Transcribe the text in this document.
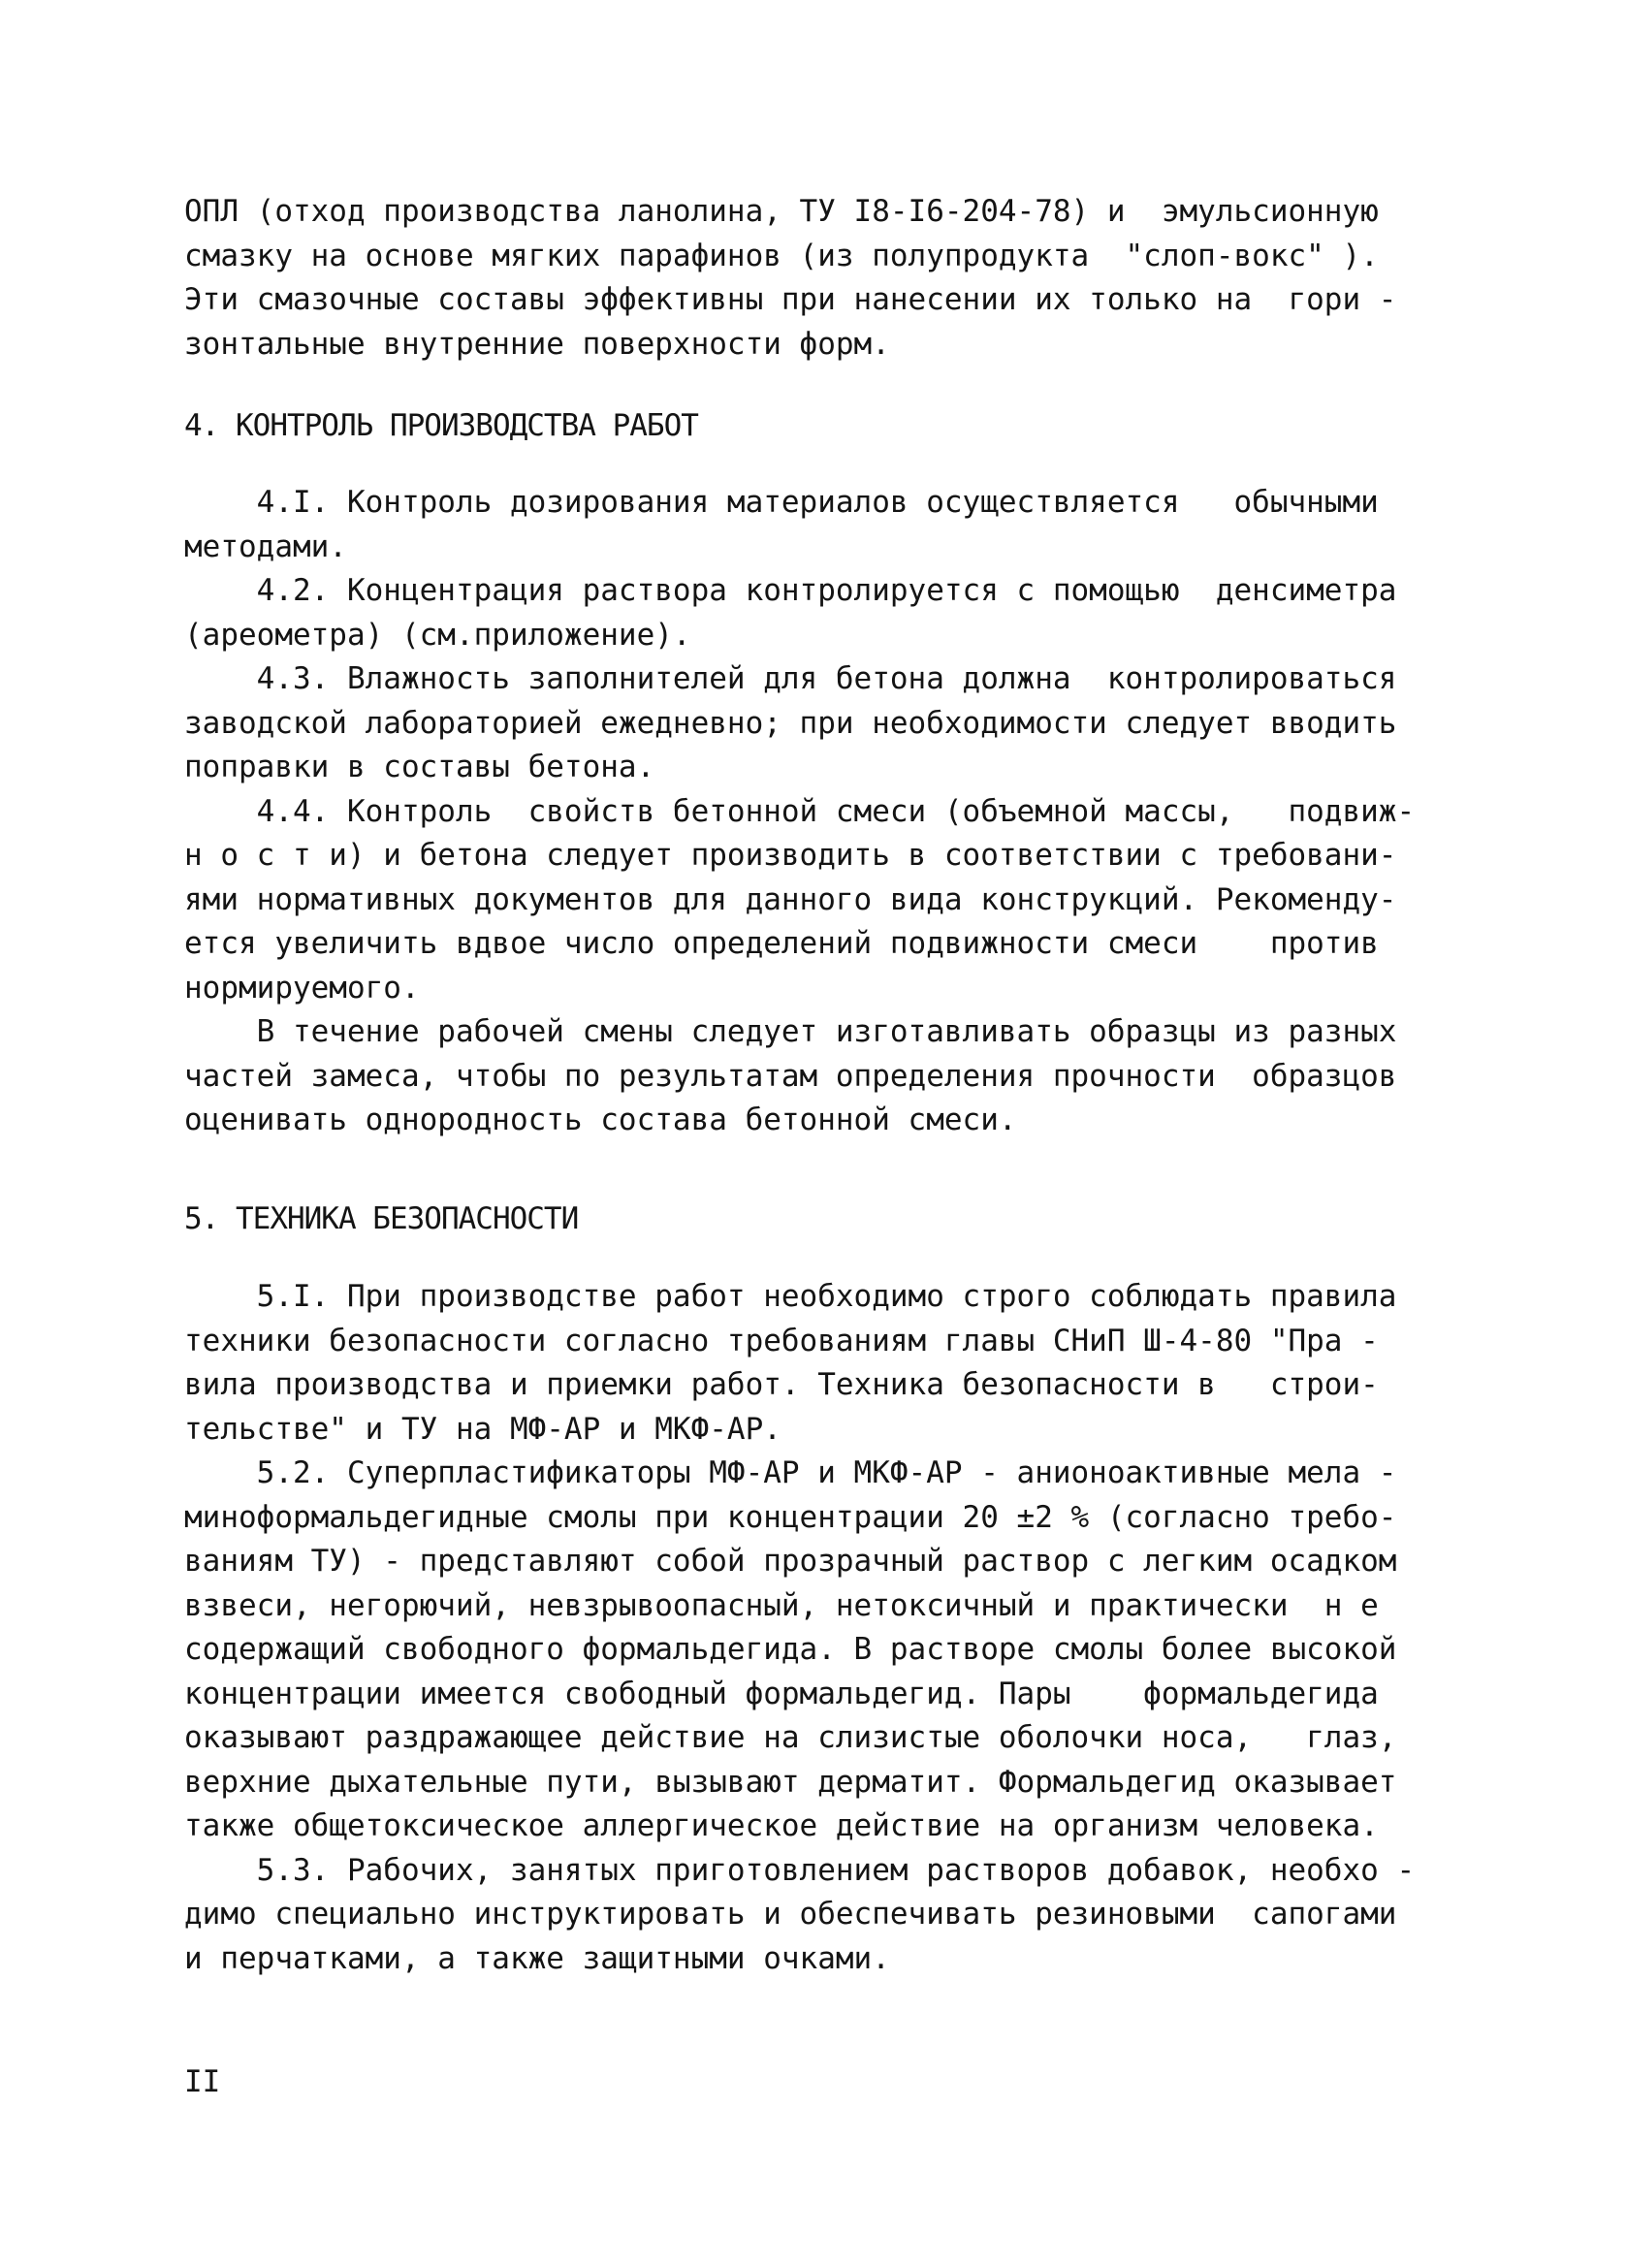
ОПЛ (отход производства ланолина, ТУ I8-I6-204-78) и  эмульсионную
смазку на основе мягких парафинов (из полупродукта  "слоп-вокс" ).
Эти смазочные составы эффективны при нанесении их только на  гори -
зонтальные внутренние поверхности форм.
4. КОНТРОЛЬ ПРОИЗВОДСТВА РАБОТ
4.I. Контроль дозирования материалов осуществляется   обычными
методами.
4.2. Концентрация раствора контролируется с помощью  денсиметра
(ареометра) (см.приложение).
4.3. Влажность заполнителей для бетона должна  контролироваться
заводской лабораторией ежедневно; при необходимости следует вводить
поправки в составы бетона.
4.4. Контроль  свойств бетонной смеси (объемной массы,   подвиж-
н о с т и) и бетона следует производить в соответствии с требовани-
ями нормативных документов для данного вида конструкций. Рекоменду-
ется увеличить вдвое число определений подвижности смеси    против
нормируемого.
В течение рабочей смены следует изготавливать образцы из разных
частей замеса, чтобы по результатам определения прочности  образцов
оценивать однородность состава бетонной смеси.
5. ТЕХНИКА БЕЗОПАСНОСТИ
5.I. При производстве работ необходимо строго соблюдать правила
техники безопасности согласно требованиям главы СНиП Ш-4-80 "Пра -
вила производства и приемки работ. Техника безопасности в   строи-
тельстве" и ТУ на МФ-АР и МКФ-АР.
5.2. Суперпластификаторы МФ-АР и МКФ-АР - анионоактивные мела -
миноформальдегидные смолы при концентрации 20 ±2 % (согласно требо-
ваниям ТУ) - представляют собой прозрачный раствор с легким осадком
взвеси, негорючий, невзрывоопасный, нетоксичный и практически  н е
содержащий свободного формальдегида. В растворе смолы более высокой
концентрации имеется свободный формальдегид. Пары    формальдегида
оказывают раздражающее действие на слизистые оболочки носа,   глаз,
верхние дыхательные пути, вызывают дерматит. Формальдегид оказывает
также общетоксическое аллергическое действие на организм человека.
5.3. Рабочих, занятых приготовлением растворов добавок, необхо -
димо специально инструктировать и обеспечивать резиновыми  сапогами
и перчатками, а также защитными очками.
II
